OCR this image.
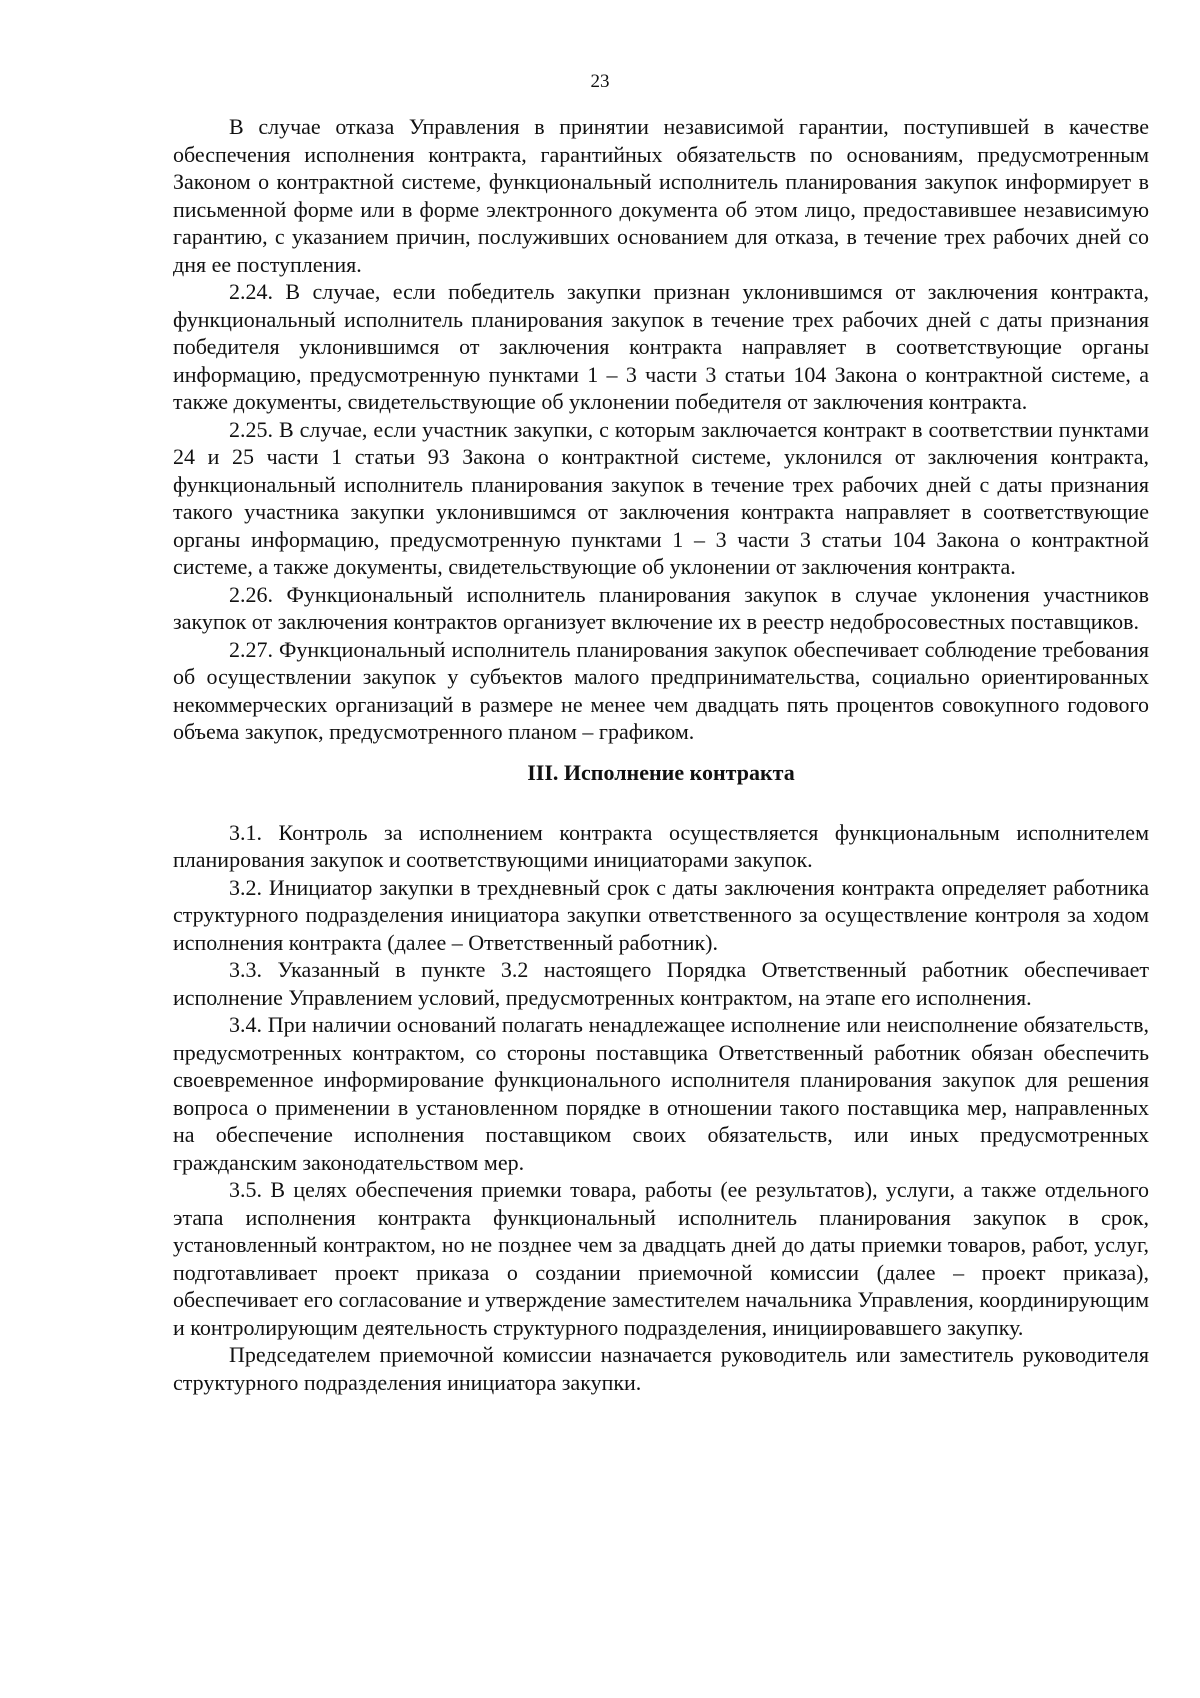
23

В случае отказа Управления в принятии независимой гарантии, поступившей в качестве обеспечения исполнения контракта, гарантийных обязательств по основаниям, предусмотренным Законом о контрактной системе, функциональный исполнитель планирования закупок информирует в письменной форме или в форме электронного документа об этом лицо, предоставившее независимую гарантию, с указанием причин, послуживших основанием для отказа, в течение трех рабочих дней со дня ее поступления.

2.24. В случае, если победитель закупки признан уклонившимся от заключения контракта, функциональный исполнитель планирования закупок в течение трех рабочих дней с даты признания победителя уклонившимся от заключения контракта направляет в соответствующие органы информацию, предусмотренную пунктами 1 – 3 части 3 статьи 104 Закона о контрактной системе, а также документы, свидетельствующие об уклонении победителя от заключения контракта.

2.25. В случае, если участник закупки, с которым заключается контракт в соответствии пунктами 24 и 25 части 1 статьи 93 Закона о контрактной системе, уклонился от заключения контракта, функциональный исполнитель планирования закупок в течение трех рабочих дней с даты признания такого участника закупки уклонившимся от заключения контракта направляет в соответствующие органы информацию, предусмотренную пунктами 1 – 3 части 3 статьи 104 Закона о контрактной системе, а также документы, свидетельствующие об уклонении от заключения контракта.

2.26. Функциональный исполнитель планирования закупок в случае уклонения участников закупок от заключения контрактов организует включение их в реестр недобросовестных поставщиков.

2.27. Функциональный исполнитель планирования закупок обеспечивает соблюдение требования об осуществлении закупок у субъектов малого предпринимательства, социально ориентированных некоммерческих организаций в размере не менее чем двадцать пять процентов совокупного годового объема закупок, предусмотренного планом – графиком.

III. Исполнение контракта

3.1. Контроль за исполнением контракта осуществляется функциональным исполнителем планирования закупок и соответствующими инициаторами закупок.

3.2. Инициатор закупки в трехдневный срок с даты заключения контракта определяет работника структурного подразделения инициатора закупки ответственного за осуществление контроля за ходом исполнения контракта (далее – Ответственный работник).

3.3. Указанный в пункте 3.2 настоящего Порядка Ответственный работник обеспечивает исполнение Управлением условий, предусмотренных контрактом, на этапе его исполнения.

3.4. При наличии оснований полагать ненадлежащее исполнение или неисполнение обязательств, предусмотренных контрактом, со стороны поставщика Ответственный работник обязан обеспечить своевременное информирование функционального исполнителя планирования закупок для решения вопроса о применении в установленном порядке в отношении такого поставщика мер, направленных на обеспечение исполнения поставщиком своих обязательств, или иных предусмотренных гражданским законодательством мер.

3.5. В целях обеспечения приемки товара, работы (ее результатов), услуги, а также отдельного этапа исполнения контракта функциональный исполнитель планирования закупок в срок, установленный контрактом, но не позднее чем за двадцать дней до даты приемки товаров, работ, услуг, подготавливает проект приказа о создании приемочной комиссии (далее – проект приказа), обеспечивает его согласование и утверждение заместителем начальника Управления, координирующим и контролирующим деятельность структурного подразделения, инициировавшего закупку.

Председателем приемочной комиссии назначается руководитель или заместитель руководителя структурного подразделения инициатора закупки.
